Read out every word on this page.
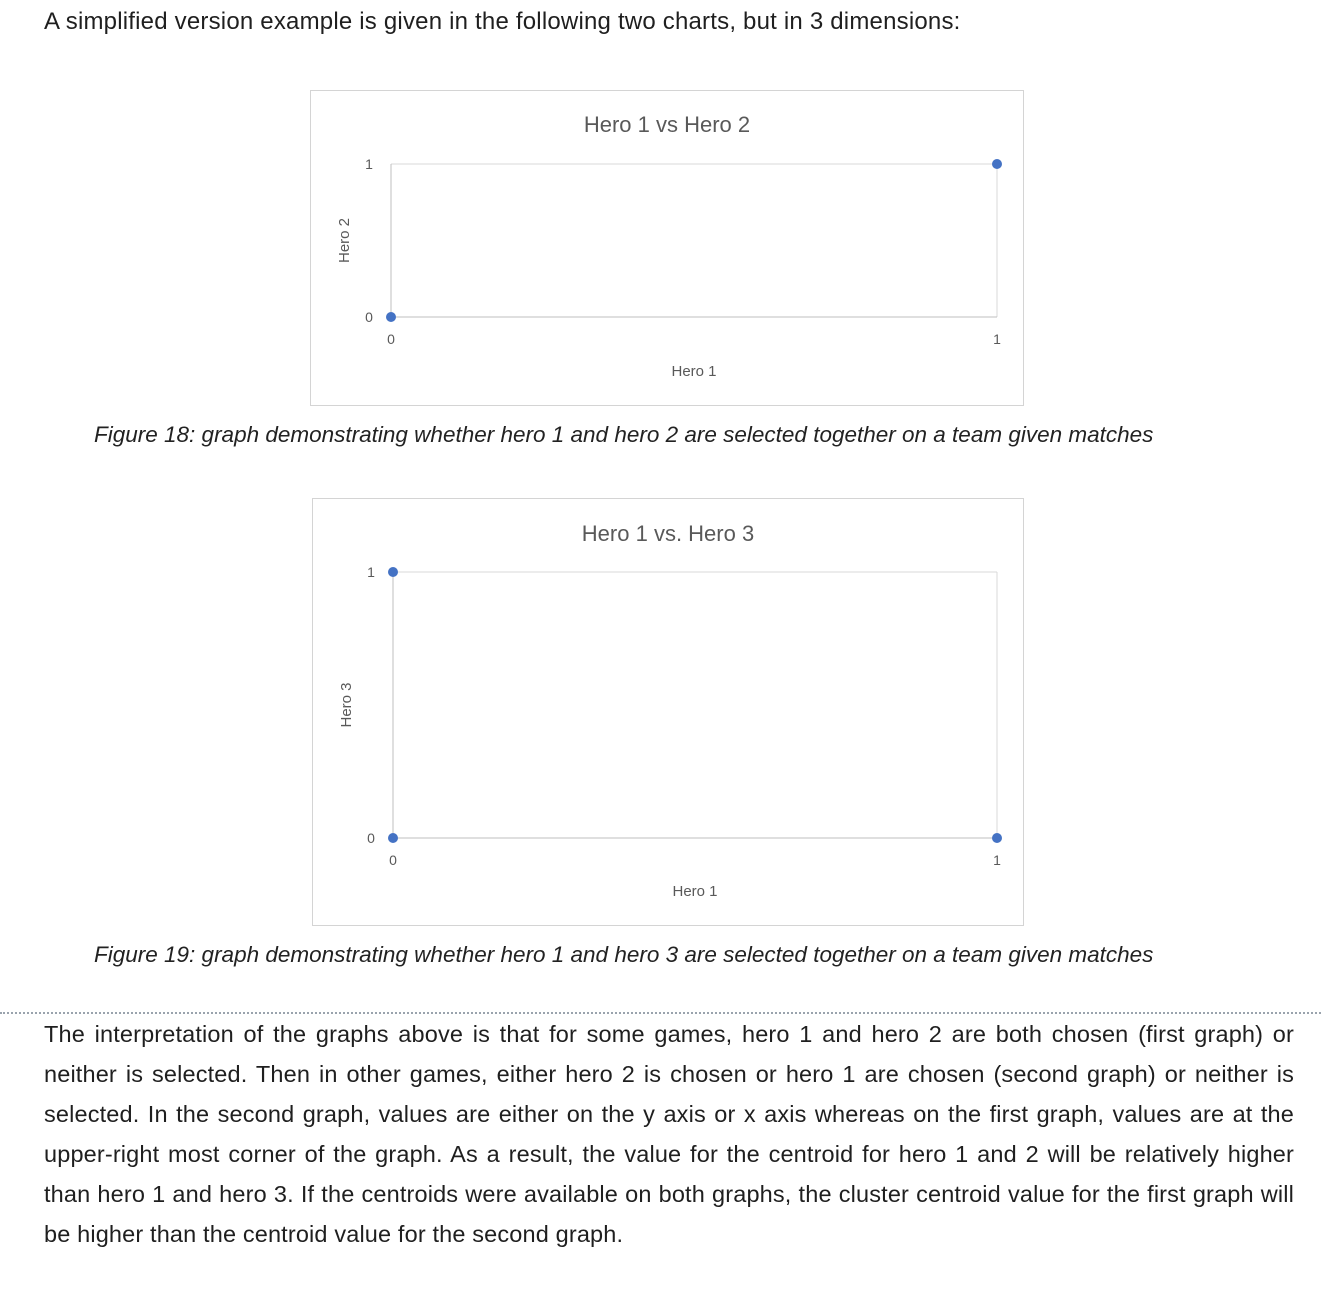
A simplified version example is given in the following two charts, but in 3 dimensions:
Hero 1 vs Hero 2
0	1
0
1
Hero 1
Hero 2
Figure 18: graph demonstrating whether hero 1 and hero 2 are selected together on a team given matches
Hero 1 vs. Hero 3
0	1
0
1
Hero 1
Hero 3
Figure 19: graph demonstrating whether hero 1 and hero 3 are selected together on a team given matches
The interpretation of the graphs above is that for some games, hero 1 and hero 2 are both chosen (first graph) or neither is selected. Then in other games, either hero 2 is chosen or hero 1 are chosen (second graph) or neither is selected. In the second graph, values are either on the y axis or x axis whereas on the first graph, values are at the upper-right most corner of the graph. As a result, the value for the centroid for hero 1 and 2 will be relatively higher than hero 1 and hero 3. If the centroids were available on both graphs, the cluster centroid value for the first graph will be higher than the centroid value for the second graph.
